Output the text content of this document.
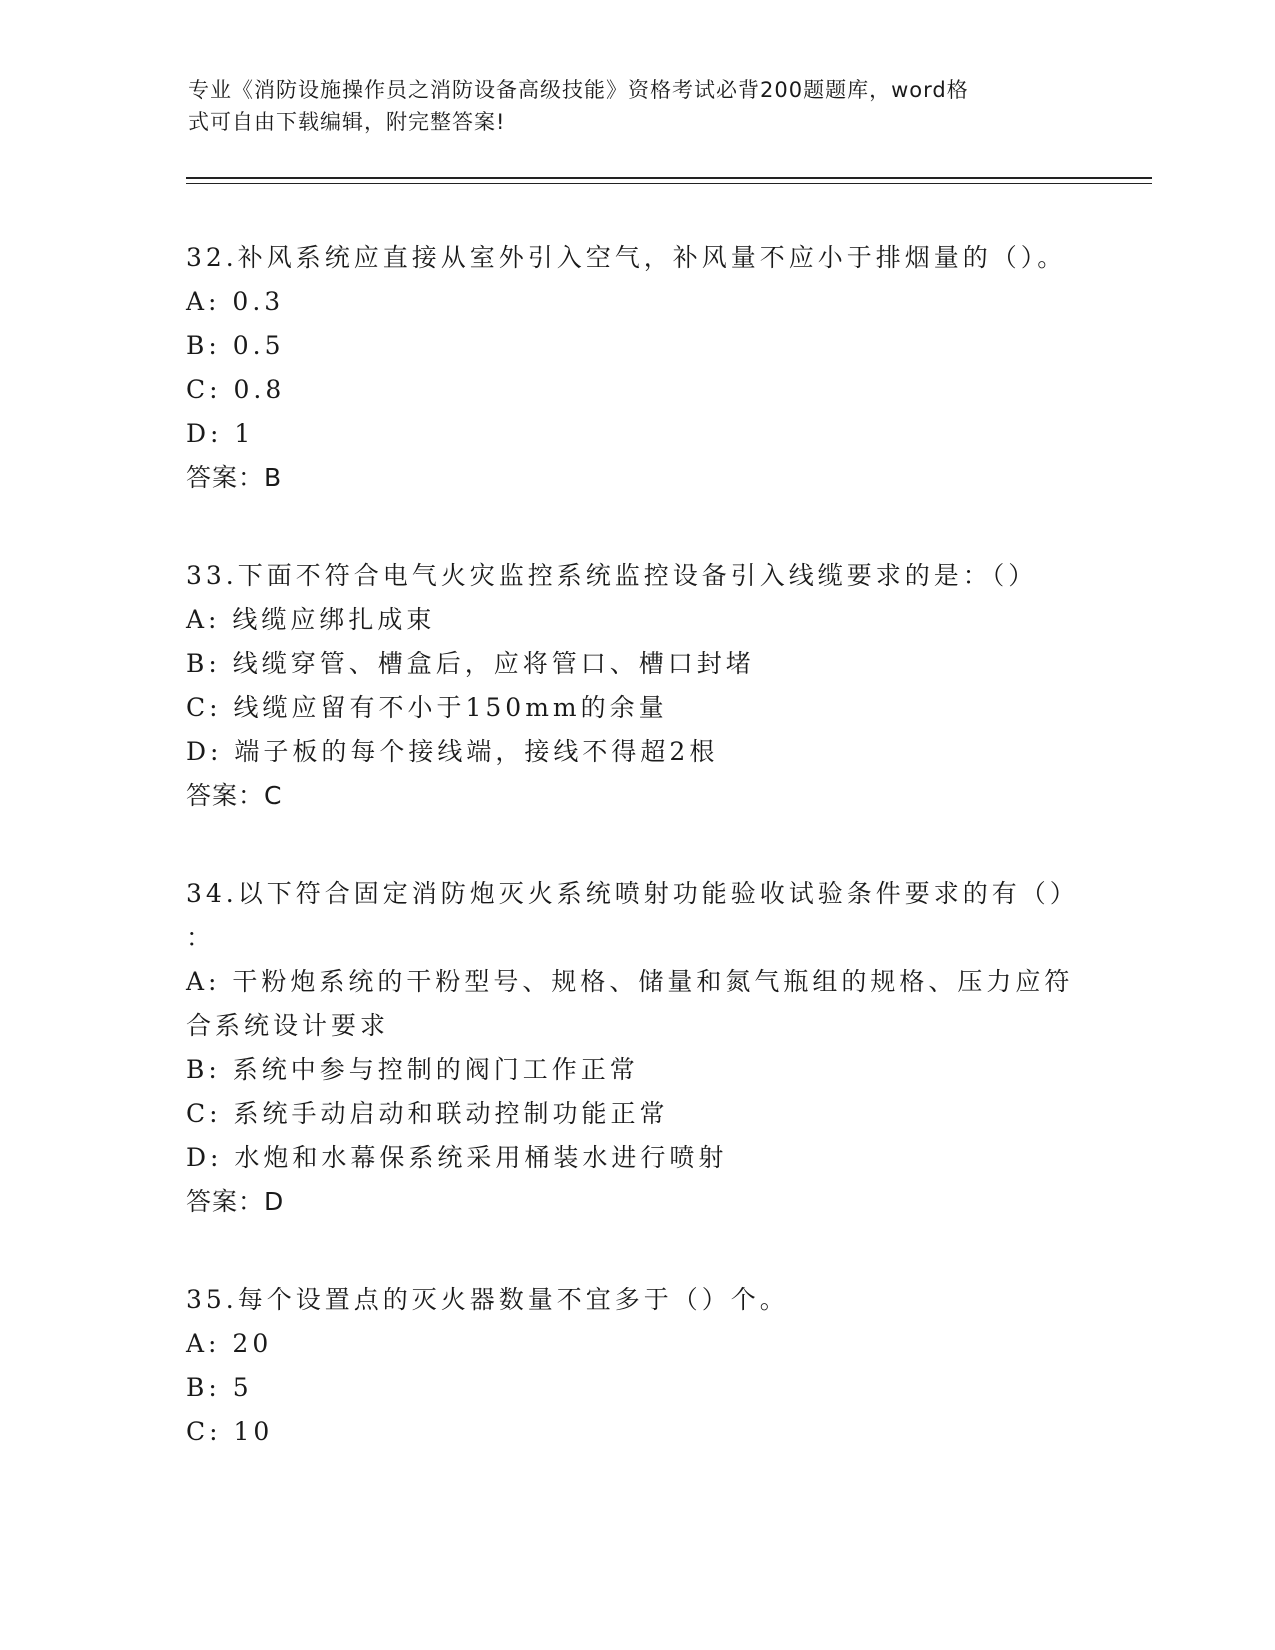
专业《消防设施操作员之消防设备高级技能》资格考试必背200题题库，word格
式可自由下载编辑，附完整答案!
32.补风系统应直接从室外引入空气，补风量不应小于排烟量的（）。
A: 0.3
B: 0.5
C: 0.8
D: 1
答案：B
33.下面不符合电气火灾监控系统监控设备引入线缆要求的是：（）
A: 线缆应绑扎成束
B: 线缆穿管、槽盒后，应将管口、槽口封堵
C: 线缆应留有不小于150mm的余量
D: 端子板的每个接线端，接线不得超2根
答案：C
34.以下符合固定消防炮灭火系统喷射功能验收试验条件要求的有（）
：
A: 干粉炮系统的干粉型号、规格、储量和氮气瓶组的规格、压力应符
合系统设计要求
B: 系统中参与控制的阀门工作正常
C: 系统手动启动和联动控制功能正常
D: 水炮和水幕保系统采用桶装水进行喷射
答案：D
35.每个设置点的灭火器数量不宜多于（）个。
A: 20
B: 5
C: 10
